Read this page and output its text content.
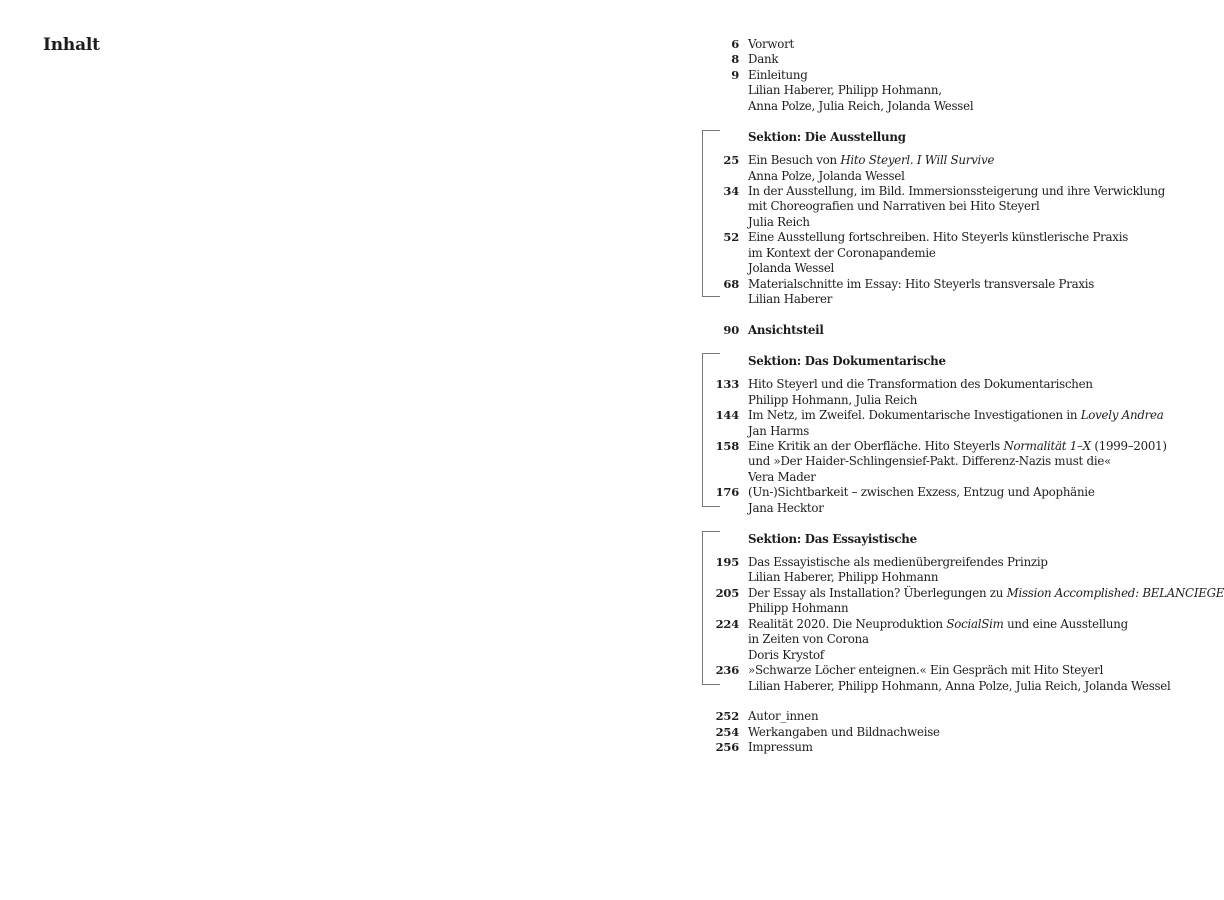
Inhalt	6 Vorwort
8 Dank
9 Einleitung
Lilian Haberer, Philipp Hohmann,
Anna Polze, Julia Reich, Jolanda Wessel
Sektion: Die Ausstellung
25 Ein Besuch von Hito Steyerl. I Will Survive
Anna Polze, Jolanda Wessel
34 In der Ausstellung, im Bild. Immersionssteigerung und ihre Verwicklung
mit Choreografien und Narrativen bei Hito Steyerl
Julia Reich
52 Eine Ausstellung fortschreiben. Hito Steyerls künstlerische Praxis
im Kontext der Coronapandemie
Jolanda Wessel
68 Materialschnitte im Essay: Hito Steyerls transversale Praxis
Lilian Haberer
90 Ansichtsteil
Sektion: Das Dokumentarische
133 Hito Steyerl und die Transformation des Dokumentarischen
Philipp Hohmann, Julia Reich
144 Im Netz, im Zweifel. Dokumentarische Investigationen in Lovely Andrea
Jan Harms
158 Eine Kritik an der Oberfläche. Hito Steyerls Normalität 1–X (1999–2001)
und »Der Haider-Schlingensief-Pakt. Differenz-Nazis must die«
Vera Mader
176 (Un-)Sichtbarkeit – zwischen Exzess, Entzug und Apophänie
Jana Hecktor
Sektion: Das Essayistische
195 Das Essayistische als medienübergreifendes Prinzip
Lilian Haberer, Philipp Hohmann
205 Der Essay als Installation? Überlegungen zu Mission Accomplished: BELANCIEGE
Philipp Hohmann
224 Realität 2020. Die Neuproduktion SocialSim und eine Ausstellung
in Zeiten von Corona
Doris Krystof
236 »Schwarze Löcher enteignen.« Ein Gespräch mit Hito Steyerl
Lilian Haberer, Philipp Hohmann, Anna Polze, Julia Reich, Jolanda Wessel
252 Autor_innen
254 Werkangaben und Bildnachweise
256 Impressum
